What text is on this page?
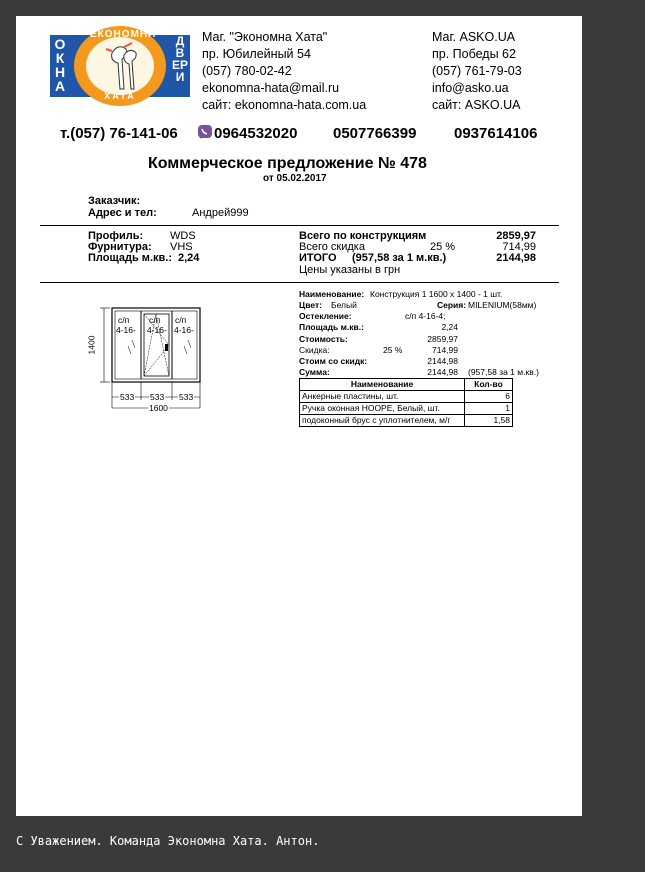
ЕКОНОМНА
ХАТА
ОКНА
ДВЕРИ
Маг. "Экономна Хата"
пр. Юбилейный 54
(057) 780-02-42
ekonomna-hata@mail.ru
сайт: ekonomna-hata.com.ua
Маг. ASKO.UA
пр. Победы 62
(057) 761-79-03
info@asko.ua
сайт: ASKO.UA
т.(057) 76-141-06 0964532020 0507766399	0937614106
Коммерческое предложение № 478
от 05.02.2017
Заказчик:
Адрес и тел:	Андрей999
Профиль: WDS
Фурнитура: VHS
Площадь м.кв.: 2,24
Всего по конструкциям	2859,97
Всего скидка	25 %	714,99
ИТОГО (957,58 за 1 м.кв.)	2144,98
Цены указаны в грн
1400
с/п
4-16-
с/п
4-16-
с/п
4-16-
533 533 533
1600
Наименование: Конструкция 1 1600 х 1400 - 1 шт.
Цвет: Белый	Серия: MILENIUM(58мм)
Остекление:	с/п 4-16-4;
Площадь м.кв.:	2,24
Стоимость:	2859,97
Скидка:	25 %	714,99
Стоим со скидк:	2144,98
Сумма:	2144,98 (957,58 за 1 м.кв.)
Наименование	Кол-во
Анкерные пластины, шт.	6
Ручка оконная HOOPE, Белый, шт.	1
подоконный брус с уплотнителем, м/г	1,58
С Уважением. Команда Экономна Хата. Антон.
